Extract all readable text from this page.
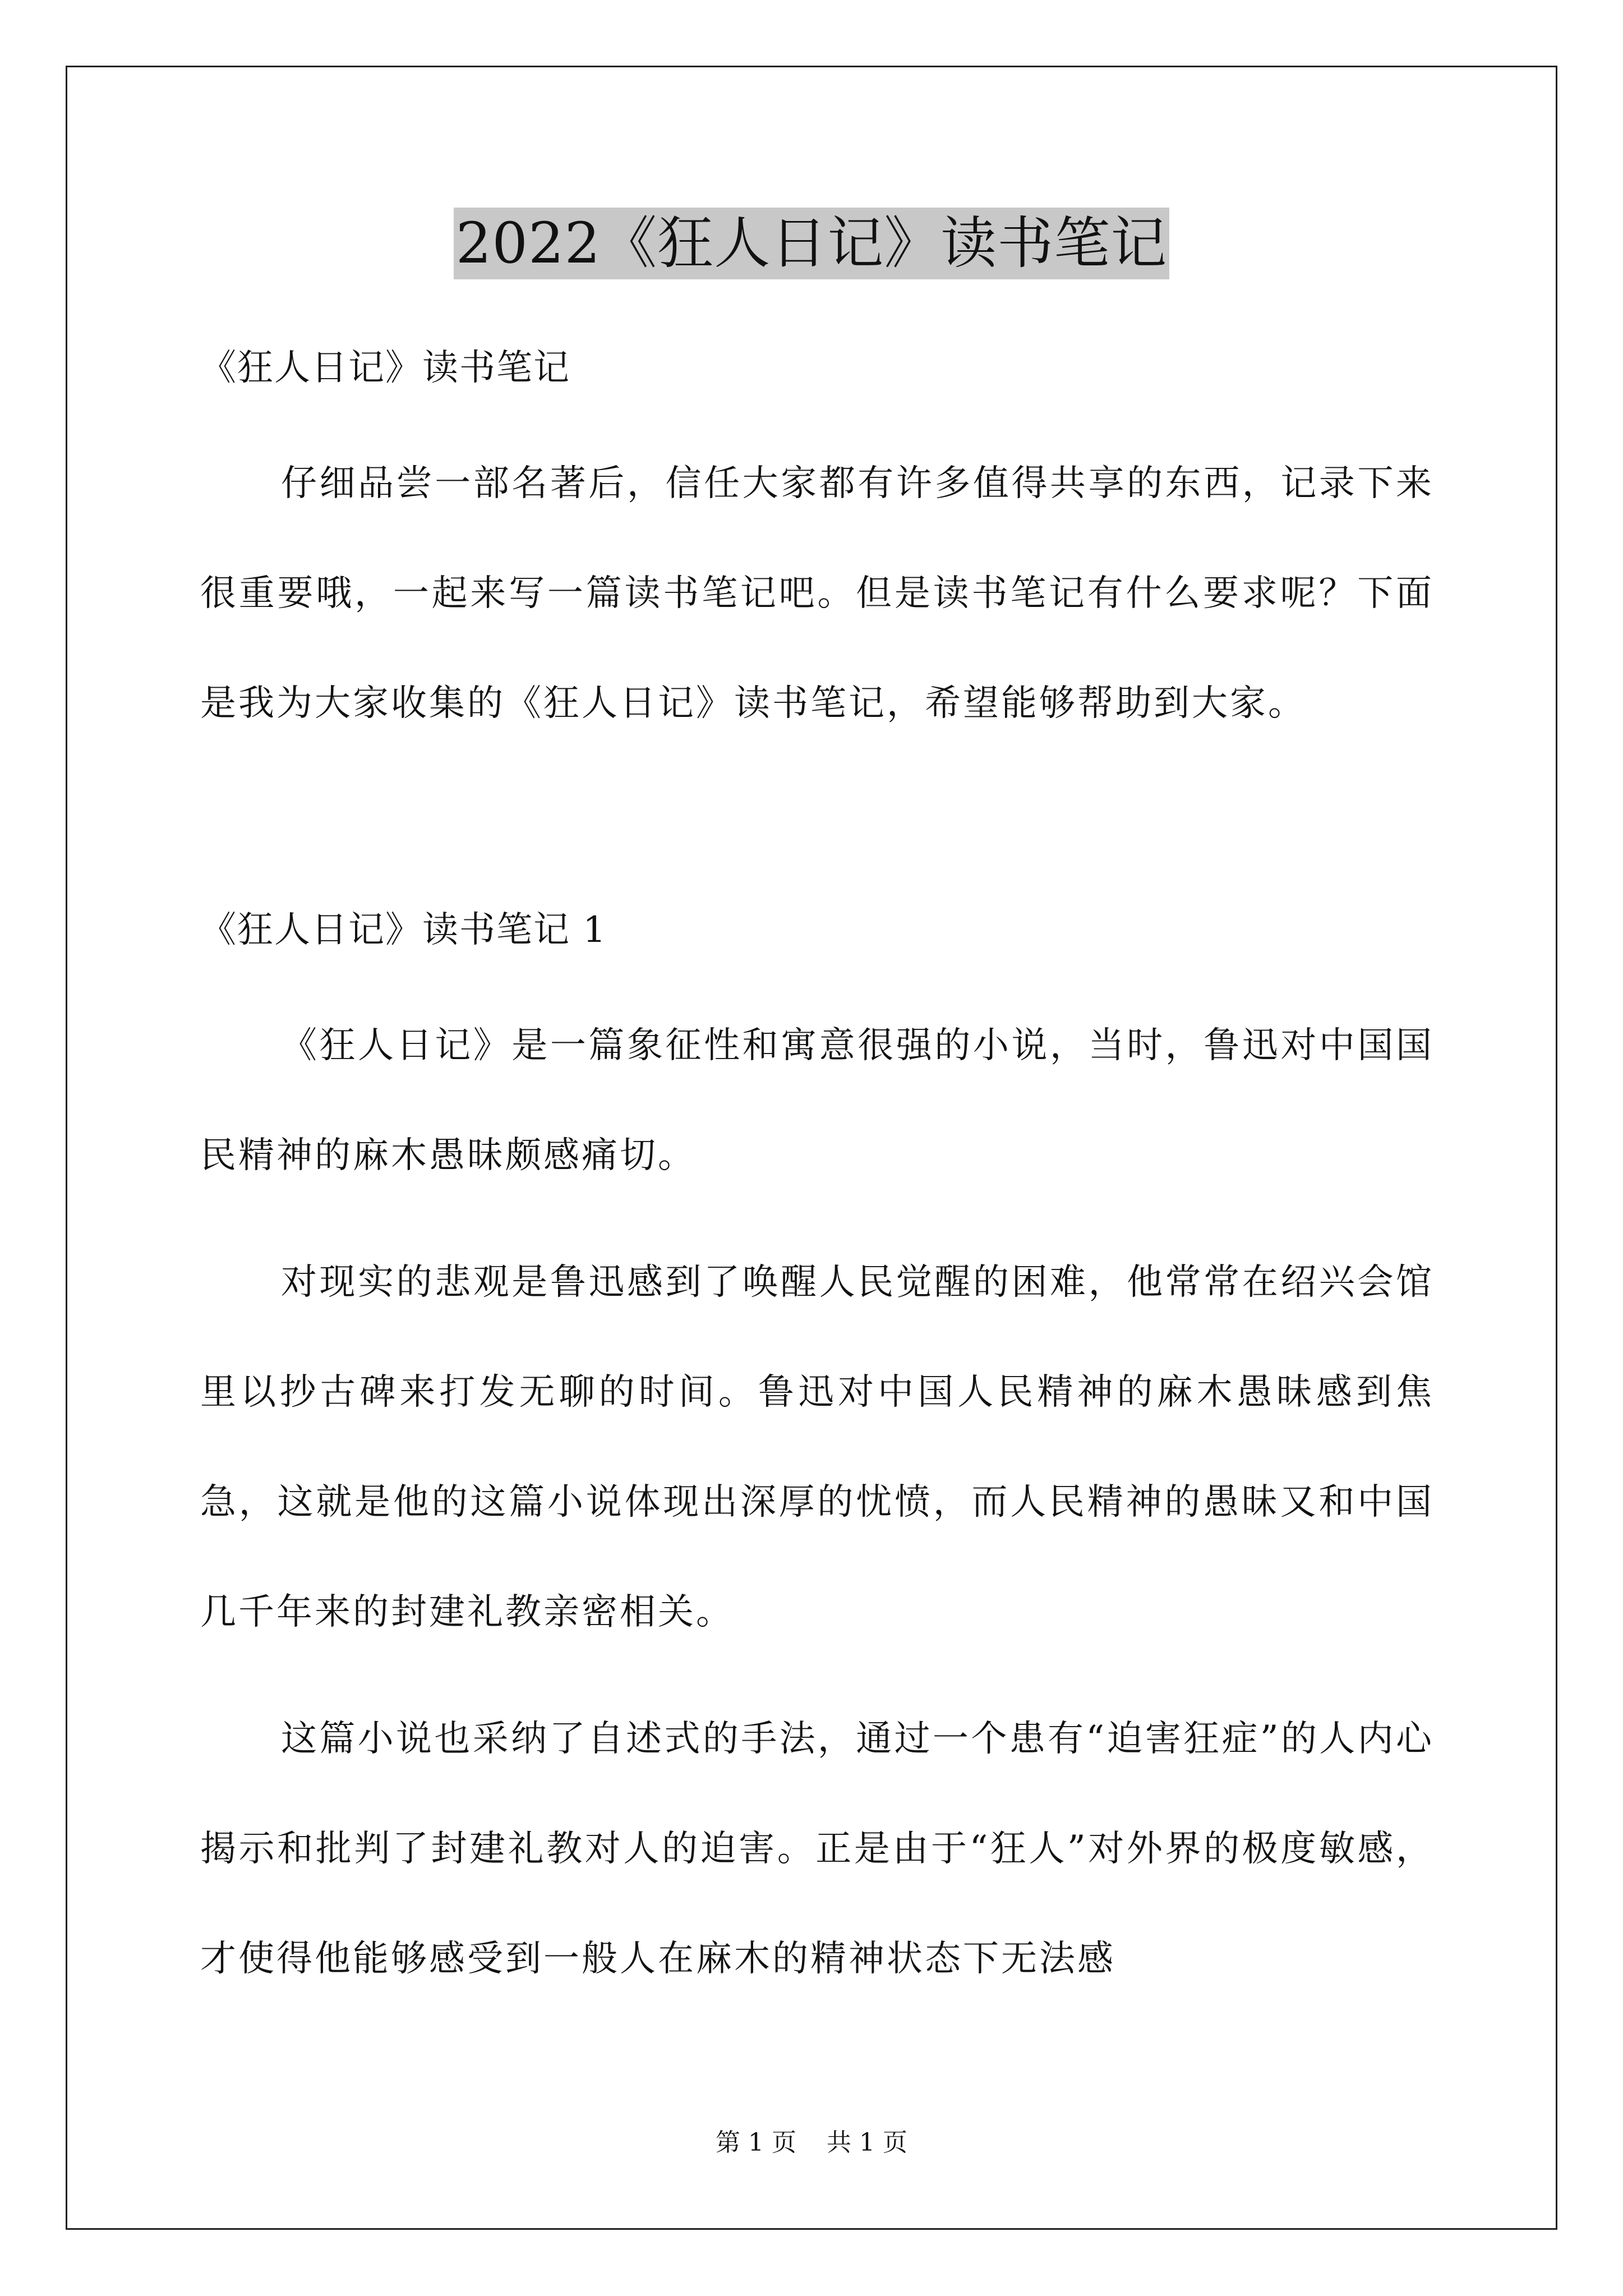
2022《狂人日记》读书笔记

《狂人日记》读书笔记

仔细品尝一部名著后，信任大家都有许多值得共享的东西，记录下来很重要哦，一起来写一篇读书笔记吧。但是读书笔记有什么要求呢？下面是我为大家收集的《狂人日记》读书笔记，希望能够帮助到大家。

《狂人日记》读书笔记 1

《狂人日记》是一篇象征性和寓意很强的小说，当时，鲁迅对中国国民精神的麻木愚昧颇感痛切。

对现实的悲观是鲁迅感到了唤醒人民觉醒的困难，他常常在绍兴会馆里以抄古碑来打发无聊的时间。鲁迅对中国人民精神的麻木愚昧感到焦急，这就是他的这篇小说体现出深厚的忧愤，而人民精神的愚昧又和中国几千年来的封建礼教亲密相关。

这篇小说也采纳了自述式的手法，通过一个患有“迫害狂症”的人内心揭示和批判了封建礼教对人的迫害。正是由于“狂人”对外界的极度敏感，才使得他能够感受到一般人在麻木的精神状态下无法感

第 1 页 共 1 页
